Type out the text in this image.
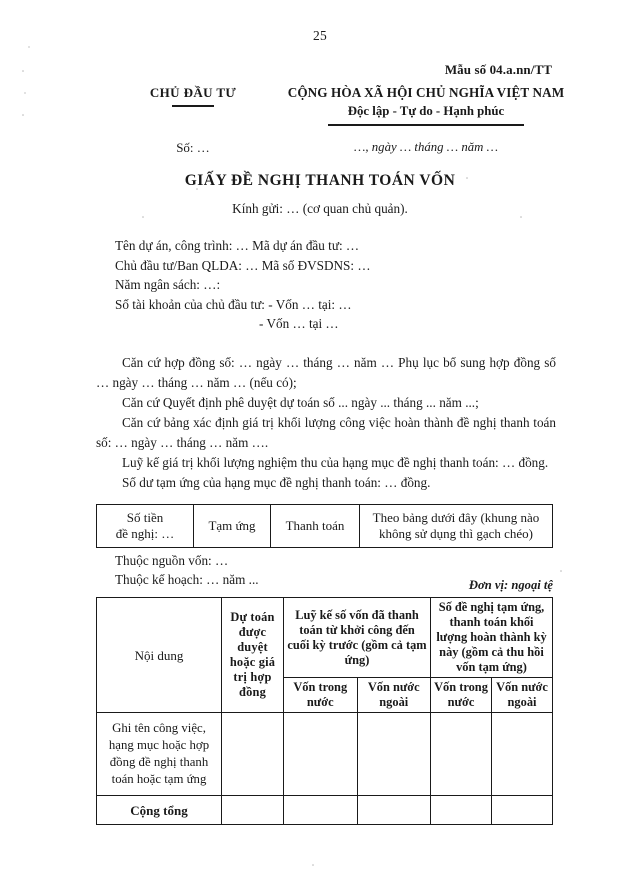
25
Mẫu số 04.a.nn/TT
CHỦ ĐẦU TƯ	CỘNG HÒA XÃ HỘI CHỦ NGHĨA VIỆT NAM
Độc lập - Tự do - Hạnh phúc
Số: …	…, ngày … tháng … năm …
GIẤY ĐỀ NGHỊ THANH TOÁN VỐN
Kính gửi: … (cơ quan chủ quản).
Tên dự án, công trình: … Mã dự án đầu tư: …
Chủ đầu tư/Ban QLDA: … Mã số ĐVSDNS: …
Năm ngân sách: …:
Số tài khoản của chủ đầu tư: - Vốn … tại: …
- Vốn … tại …

Căn cứ hợp đồng số: … ngày … tháng … năm … Phụ lục bổ sung hợp đồng số … ngày … tháng … năm … (nếu có);

Căn cứ Quyết định phê duyệt dự toán số ... ngày ... tháng ... năm ...;

Căn cứ bảng xác định giá trị khối lượng công việc hoàn thành đề nghị thanh toán số: … ngày … tháng … năm ….

Luỹ kế giá trị khối lượng nghiệm thu của hạng mục đề nghị thanh toán: … đồng.

Số dư tạm ứng của hạng mục đề nghị thanh toán: … đồng.

Số tiền
đề nghị: …	Tạm ứng	Thanh toán	Theo bảng dưới đây (khung nào không sử dụng thì gạch chéo)
Thuộc nguồn vốn: …
Thuộc kế hoạch: … năm ...	Đơn vị: ngoại tệ
Nội dung	Dự toán được duyệt hoặc giá trị hợp đồng	Luỹ kế số vốn đã thanh toán từ khởi công đến cuối kỳ trước (gồm cả tạm ứng)		Số đề nghị tạm ứng, thanh toán khối lượng hoàn thành kỳ này (gồm cả thu hồi vốn tạm ứng)	
		Vốn trong nước	Vốn nước ngoài	Vốn trong nước	Vốn nước ngoài
Ghi tên công việc, hạng mục hoặc hợp đồng đề nghị thanh toán hoặc tạm ứng					
Cộng tổng					
